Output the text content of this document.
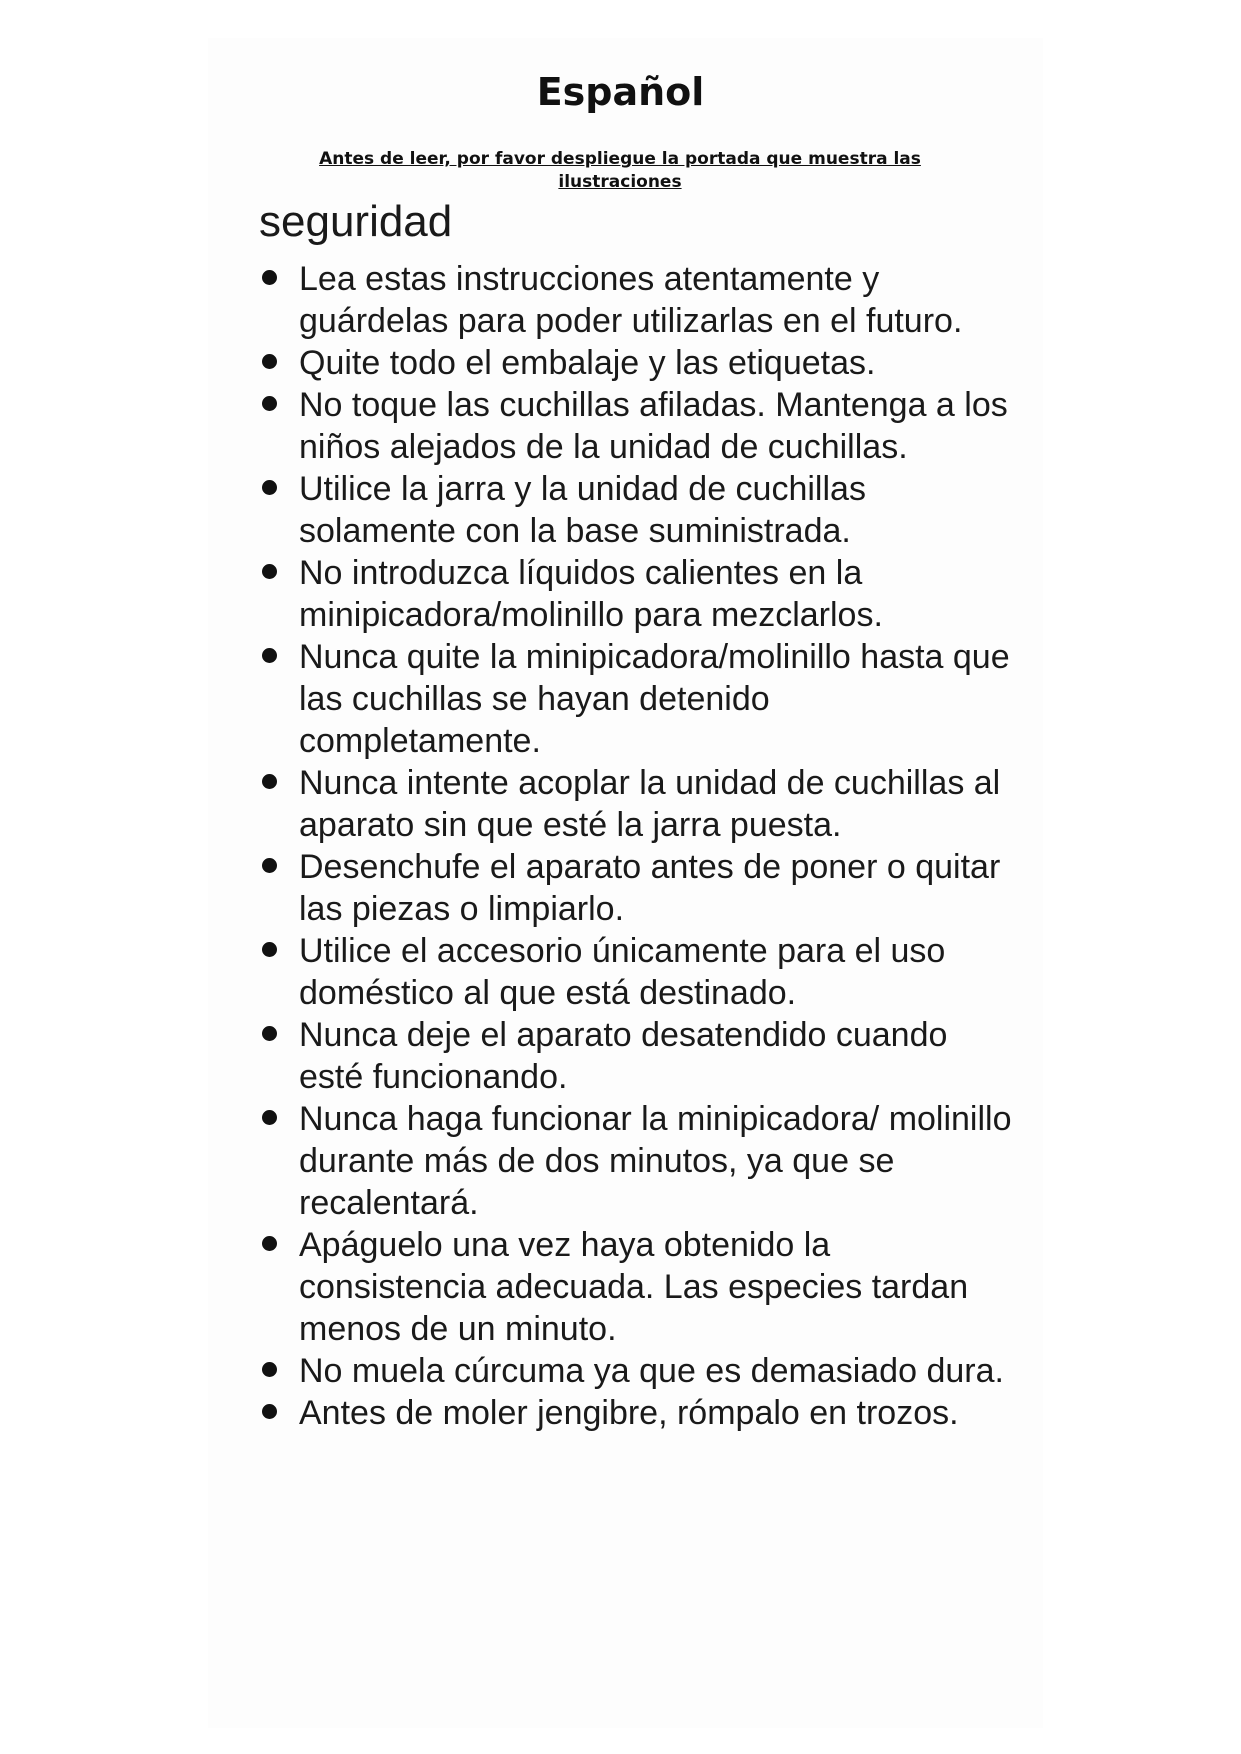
Español

Antes de leer, por favor despliegue la portada que muestra las ilustraciones

seguridad
Lea estas instrucciones atentamente y guárdelas para poder utilizarlas en el futuro.
Quite todo el embalaje y las etiquetas.
No toque las cuchillas afiladas. Mantenga a los niños alejados de la unidad de cuchillas.
Utilice la jarra y la unidad de cuchillas solamente con la base suministrada.
No introduzca líquidos calientes en la minipicadora/molinillo para mezclarlos.
Nunca quite la minipicadora/molinillo hasta que las cuchillas se hayan detenido completamente.
Nunca intente acoplar la unidad de cuchillas al aparato sin que esté la jarra puesta.
Desenchufe el aparato antes de poner o quitar las piezas o limpiarlo.
Utilice el accesorio únicamente para el uso doméstico al que está destinado.
Nunca deje el aparato desatendido cuando esté funcionando.
Nunca haga funcionar la minipicadora/ molinillo durante más de dos minutos, ya que se recalentará.
Apáguelo una vez haya obtenido la consistencia adecuada. Las especies tardan menos de un minuto.
No muela cúrcuma ya que es demasiado dura.
Antes de moler jengibre, rómpalo en trozos.
